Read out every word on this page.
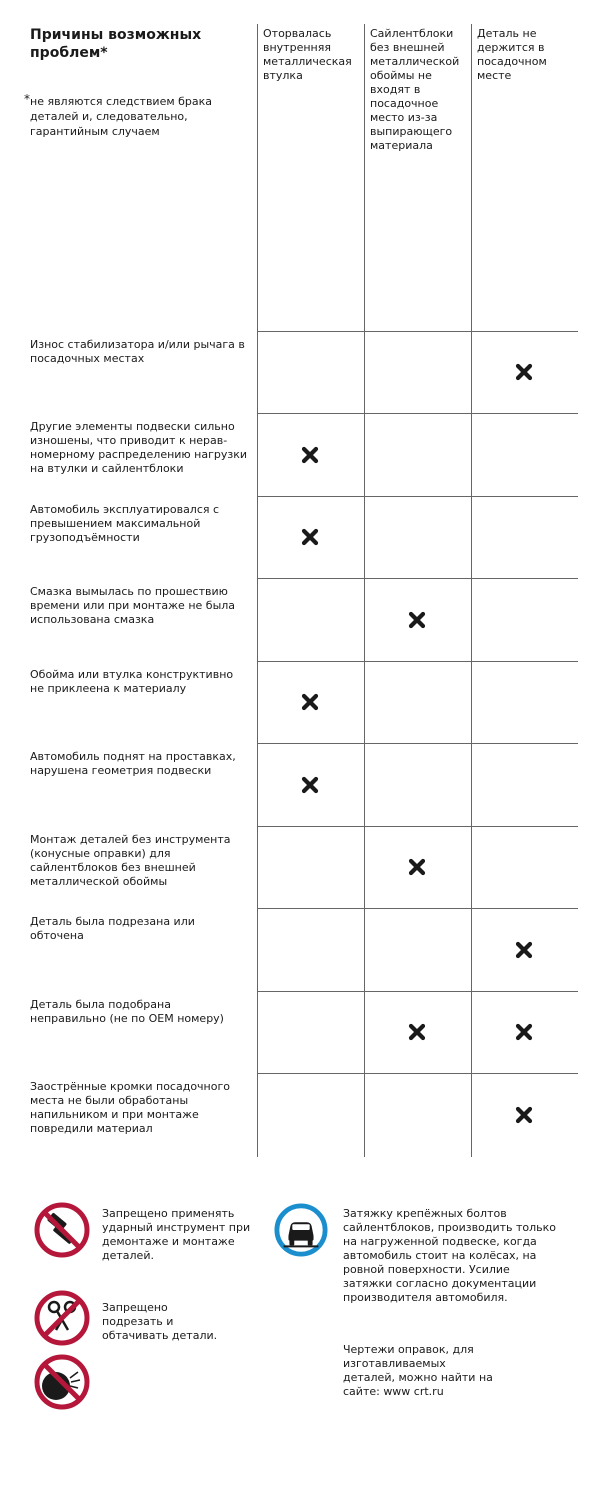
Причины возможных проблем*
* не являются следствием брака деталей и, следовательно, гарантийным случаем
Оторвалась внутренняя металлическая втулка
Сайлентблоки без внешней металлической обоймы не входят в посадочное место из-за выпирающего материала
Деталь не держится в посадочном месте
Износ стабилизатора и/или рычага в посадочных местах
Другие элементы подвески сильно изношены, что приводит к нерав-номерному распределению нагрузки на втулки и сайлентблоки
Автомобиль эксплуатировался с превышением максимальной грузоподъёмности
Смазка вымылась по прошествию времени или при монтаже не была использована смазка
Обойма или втулка конструктивно не приклеена к материалу
Автомобиль поднят на проставках, нарушена геометрия подвески
Монтаж деталей без инструмента (конусные оправки) для сайлентблоков без внешней металлической обоймы
Деталь была подрезана или обточена
Деталь была подобрана неправильно (не по OEM номеру)
Заострённые кромки посадочного места не были обработаны напильником и при монтаже повредили материал
Запрещено применять ударный инструмент при демонтаже и монтаже деталей.
Запрещено подрезать и обтачивать детали.
Затяжку крепёжных болтов сайлентблоков, производить только на нагруженной подвеске, когда автомобиль стоит на колёсах, на ровной поверхности. Усилие затяжки согласно документации производителя автомобиля.
Чертежи оправок, для изготавливаемых деталей, можно найти на сайте: www crt.ru
